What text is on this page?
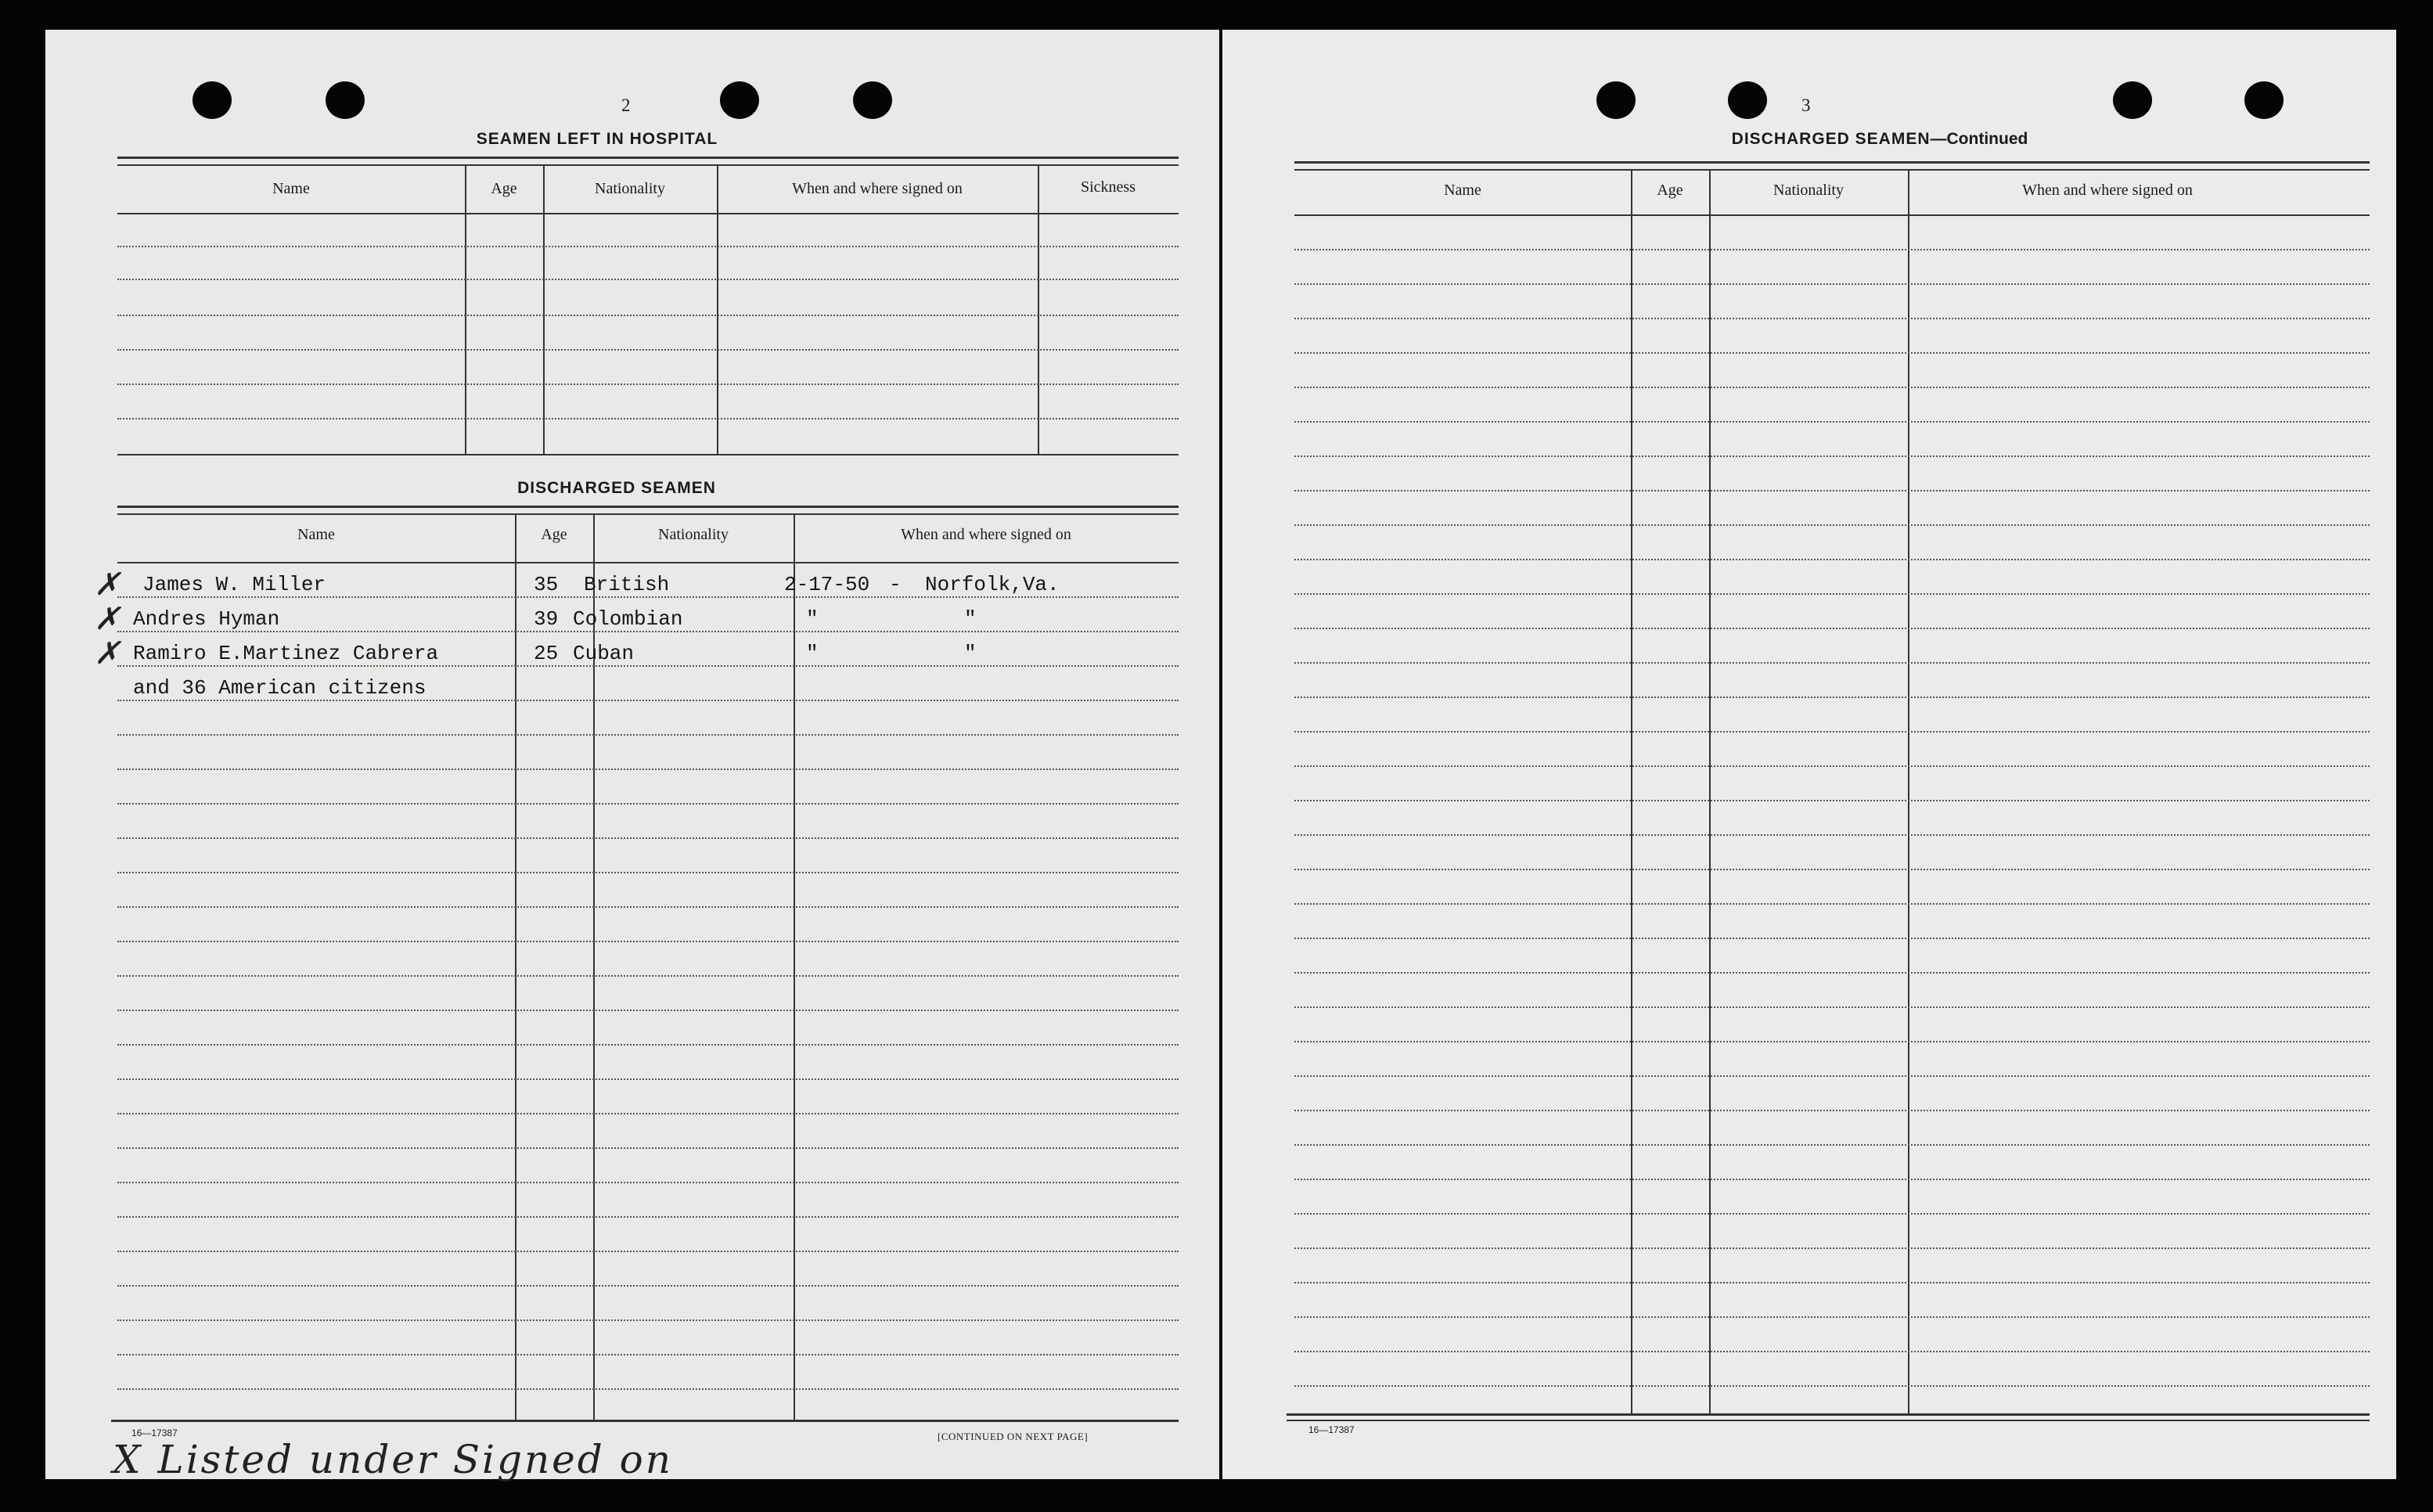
2
SEAMEN LEFT IN HOSPITAL
Name	Age	Nationality	When and where signed on	Sickness
DISCHARGED SEAMEN
Name	Age	Nationality	When and where signed on
✗
✗
✗
James W. Miller	35 British	2-17-50 - Norfolk,Va.
Andres Hyman	39 Colombian	"	"
Ramiro E.Martinez Cabrera	25 Cuban	"	"
and 36 American citizens
16—17387	[CONTINUED ON NEXT PAGE]
X Listed under Signed on
3
DISCHARGED SEAMEN—Continued
Name	Age	Nationality	When and where signed on
16—17387
